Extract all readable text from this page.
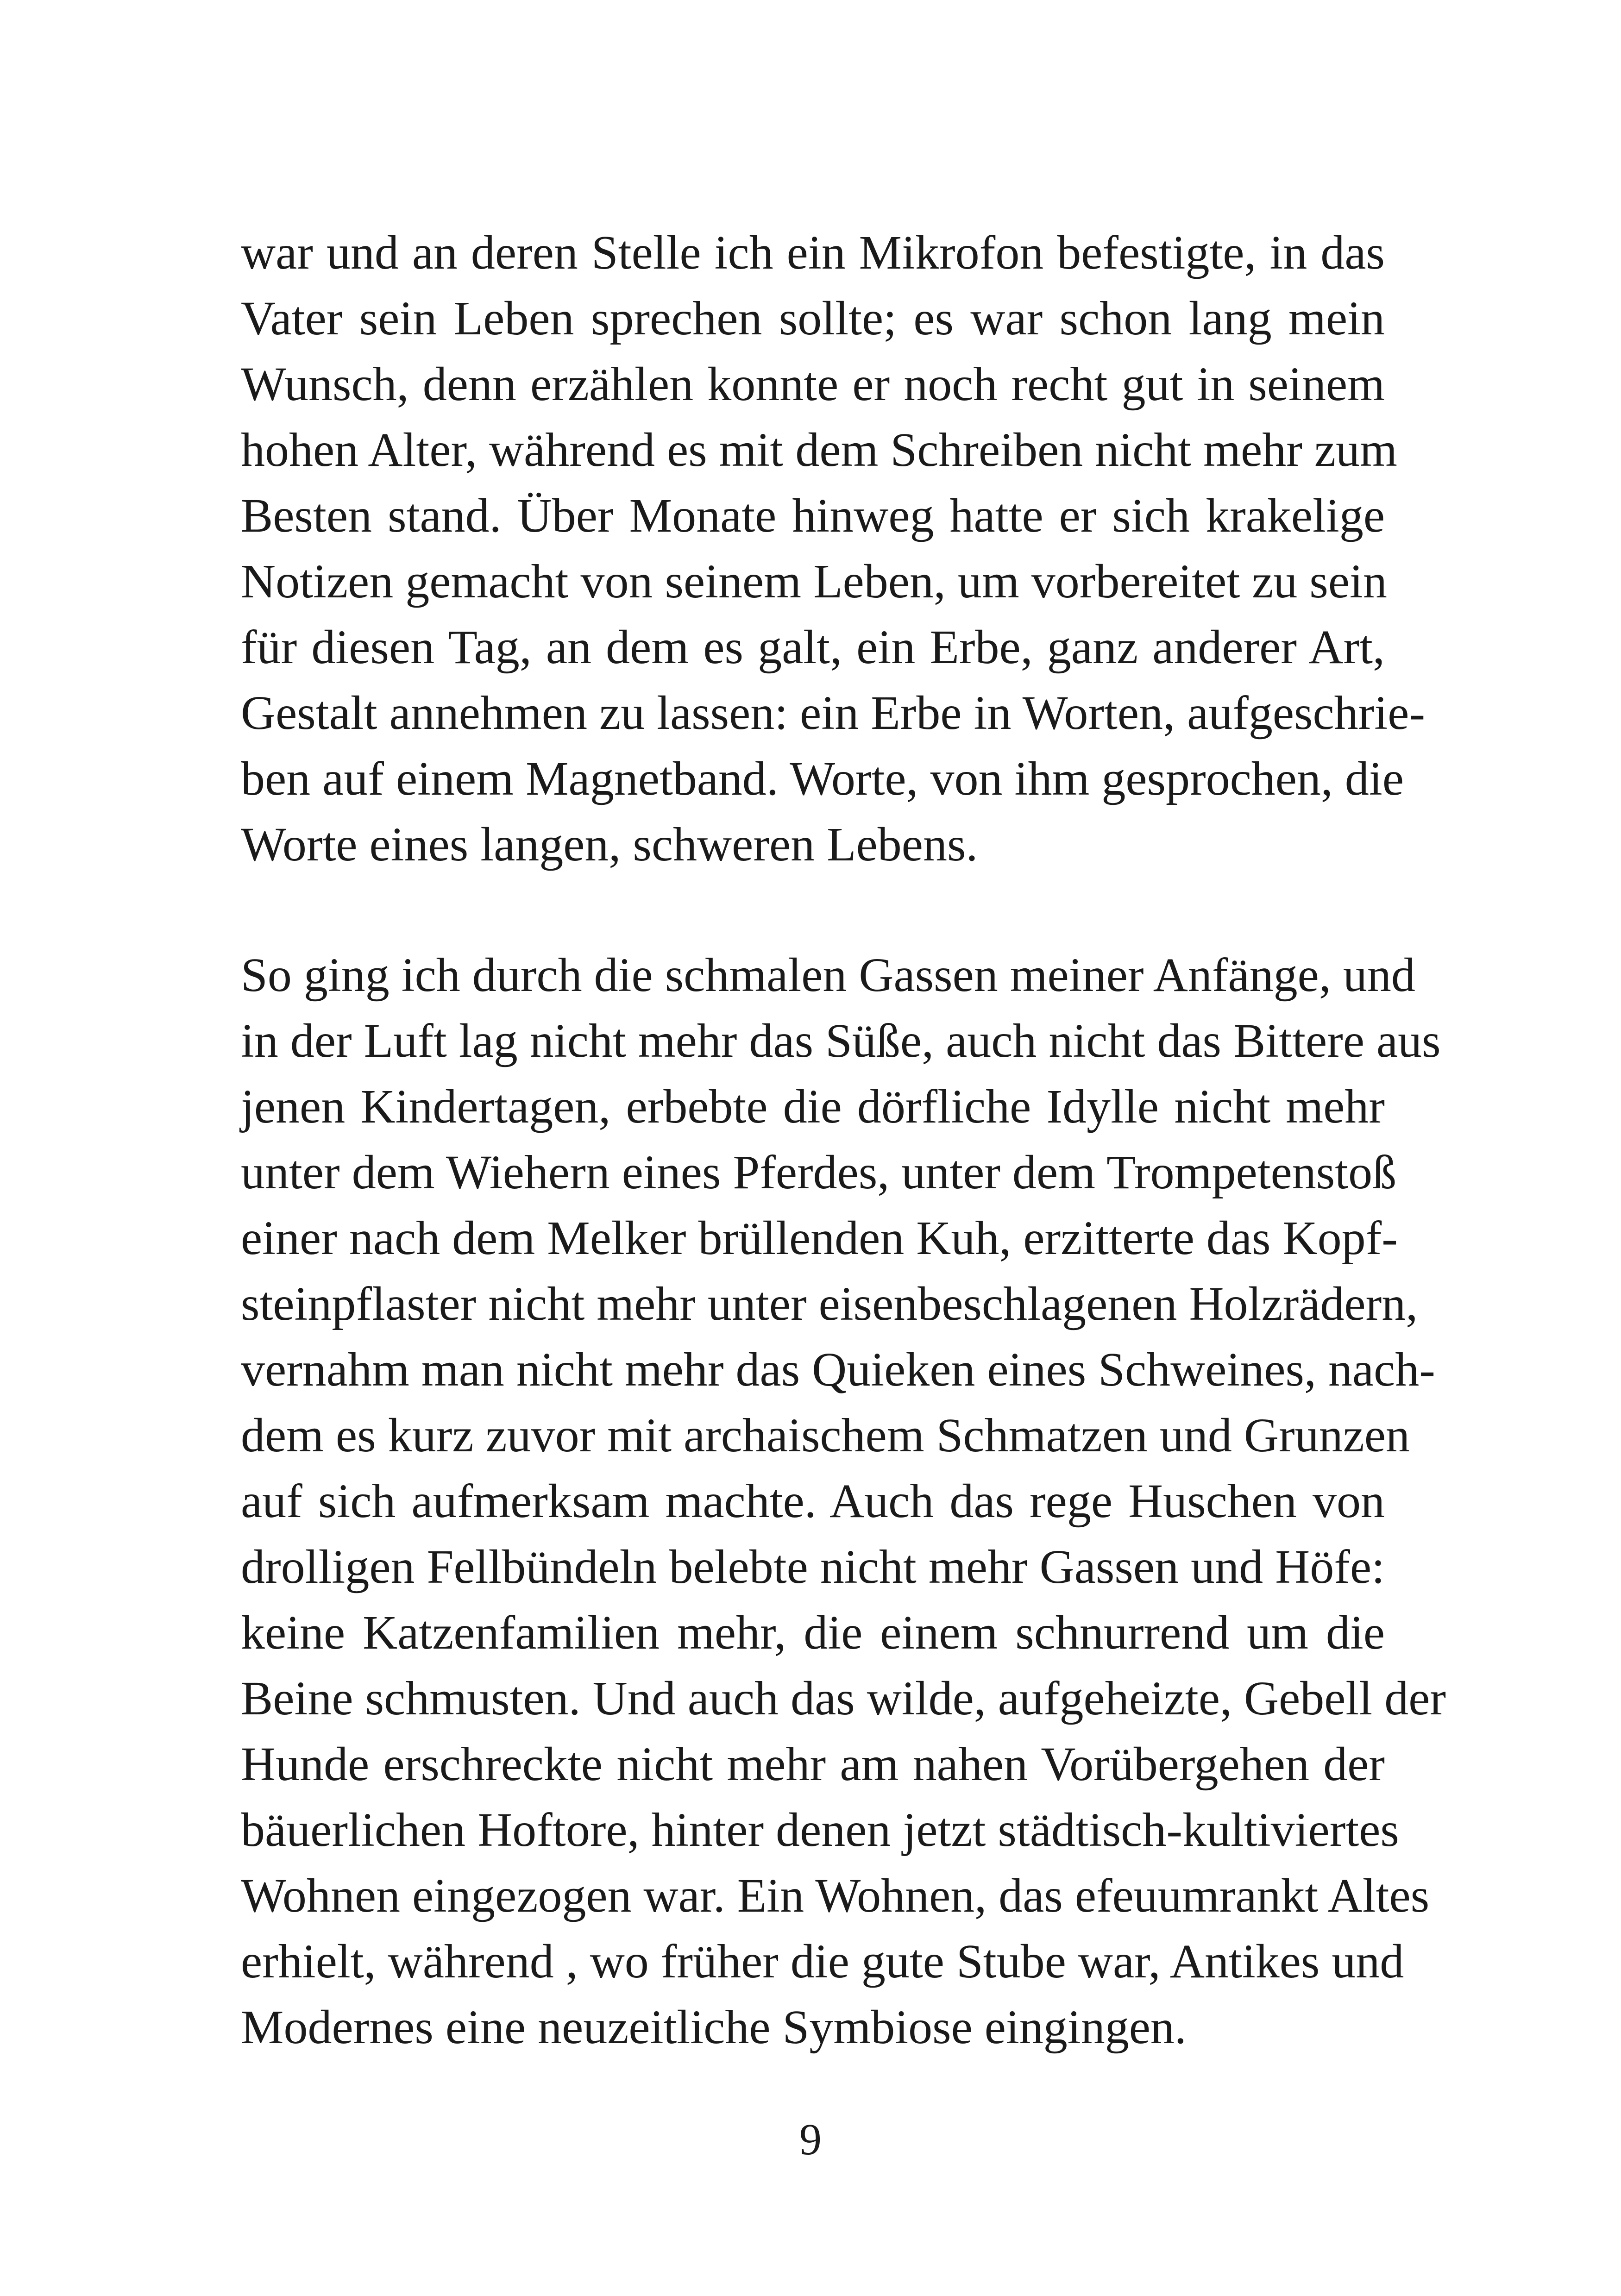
war und an deren Stelle ich ein Mikrofon befestigte, in das
Vater sein Leben sprechen sollte; es war schon lang mein
Wunsch, denn erzählen konnte er noch recht gut in seinem
hohen Alter, während es mit dem Schreiben nicht mehr zum
Besten stand. Über Monate hinweg hatte er sich krakelige
Notizen gemacht von seinem Leben, um vorbereitet zu sein
für diesen Tag, an dem es galt, ein Erbe, ganz anderer Art,
Gestalt annehmen zu lassen: ein Erbe in Worten, aufgeschrie-
ben auf einem Magnetband. Worte, von ihm gesprochen, die
Worte eines langen, schweren Lebens.
So ging ich durch die schmalen Gassen meiner Anfänge, und
in der Luft lag nicht mehr das Süße, auch nicht das Bittere aus
jenen Kindertagen, erbebte die dörfliche Idylle nicht mehr
unter dem Wiehern eines Pferdes, unter dem Trompetenstoß
einer nach dem Melker brüllenden Kuh, erzitterte das Kopf-
steinpflaster nicht mehr unter eisenbeschlagenen Holzrädern,
vernahm man nicht mehr das Quieken eines Schweines, nach-
dem es kurz zuvor mit archaischem Schmatzen und Grunzen
auf sich aufmerksam machte. Auch das rege Huschen von
drolligen Fellbündeln belebte nicht mehr Gassen und Höfe:
keine Katzenfamilien mehr, die einem schnurrend um die
Beine schmusten. Und auch das wilde, aufgeheizte, Gebell der
Hunde erschreckte nicht mehr am nahen Vorübergehen der
bäuerlichen Hoftore, hinter denen jetzt städtisch-kultiviertes
Wohnen eingezogen war. Ein Wohnen, das efeuumrankt Altes
erhielt, während , wo früher die gute Stube war, Antikes und
Modernes eine neuzeitliche Symbiose eingingen.
9
